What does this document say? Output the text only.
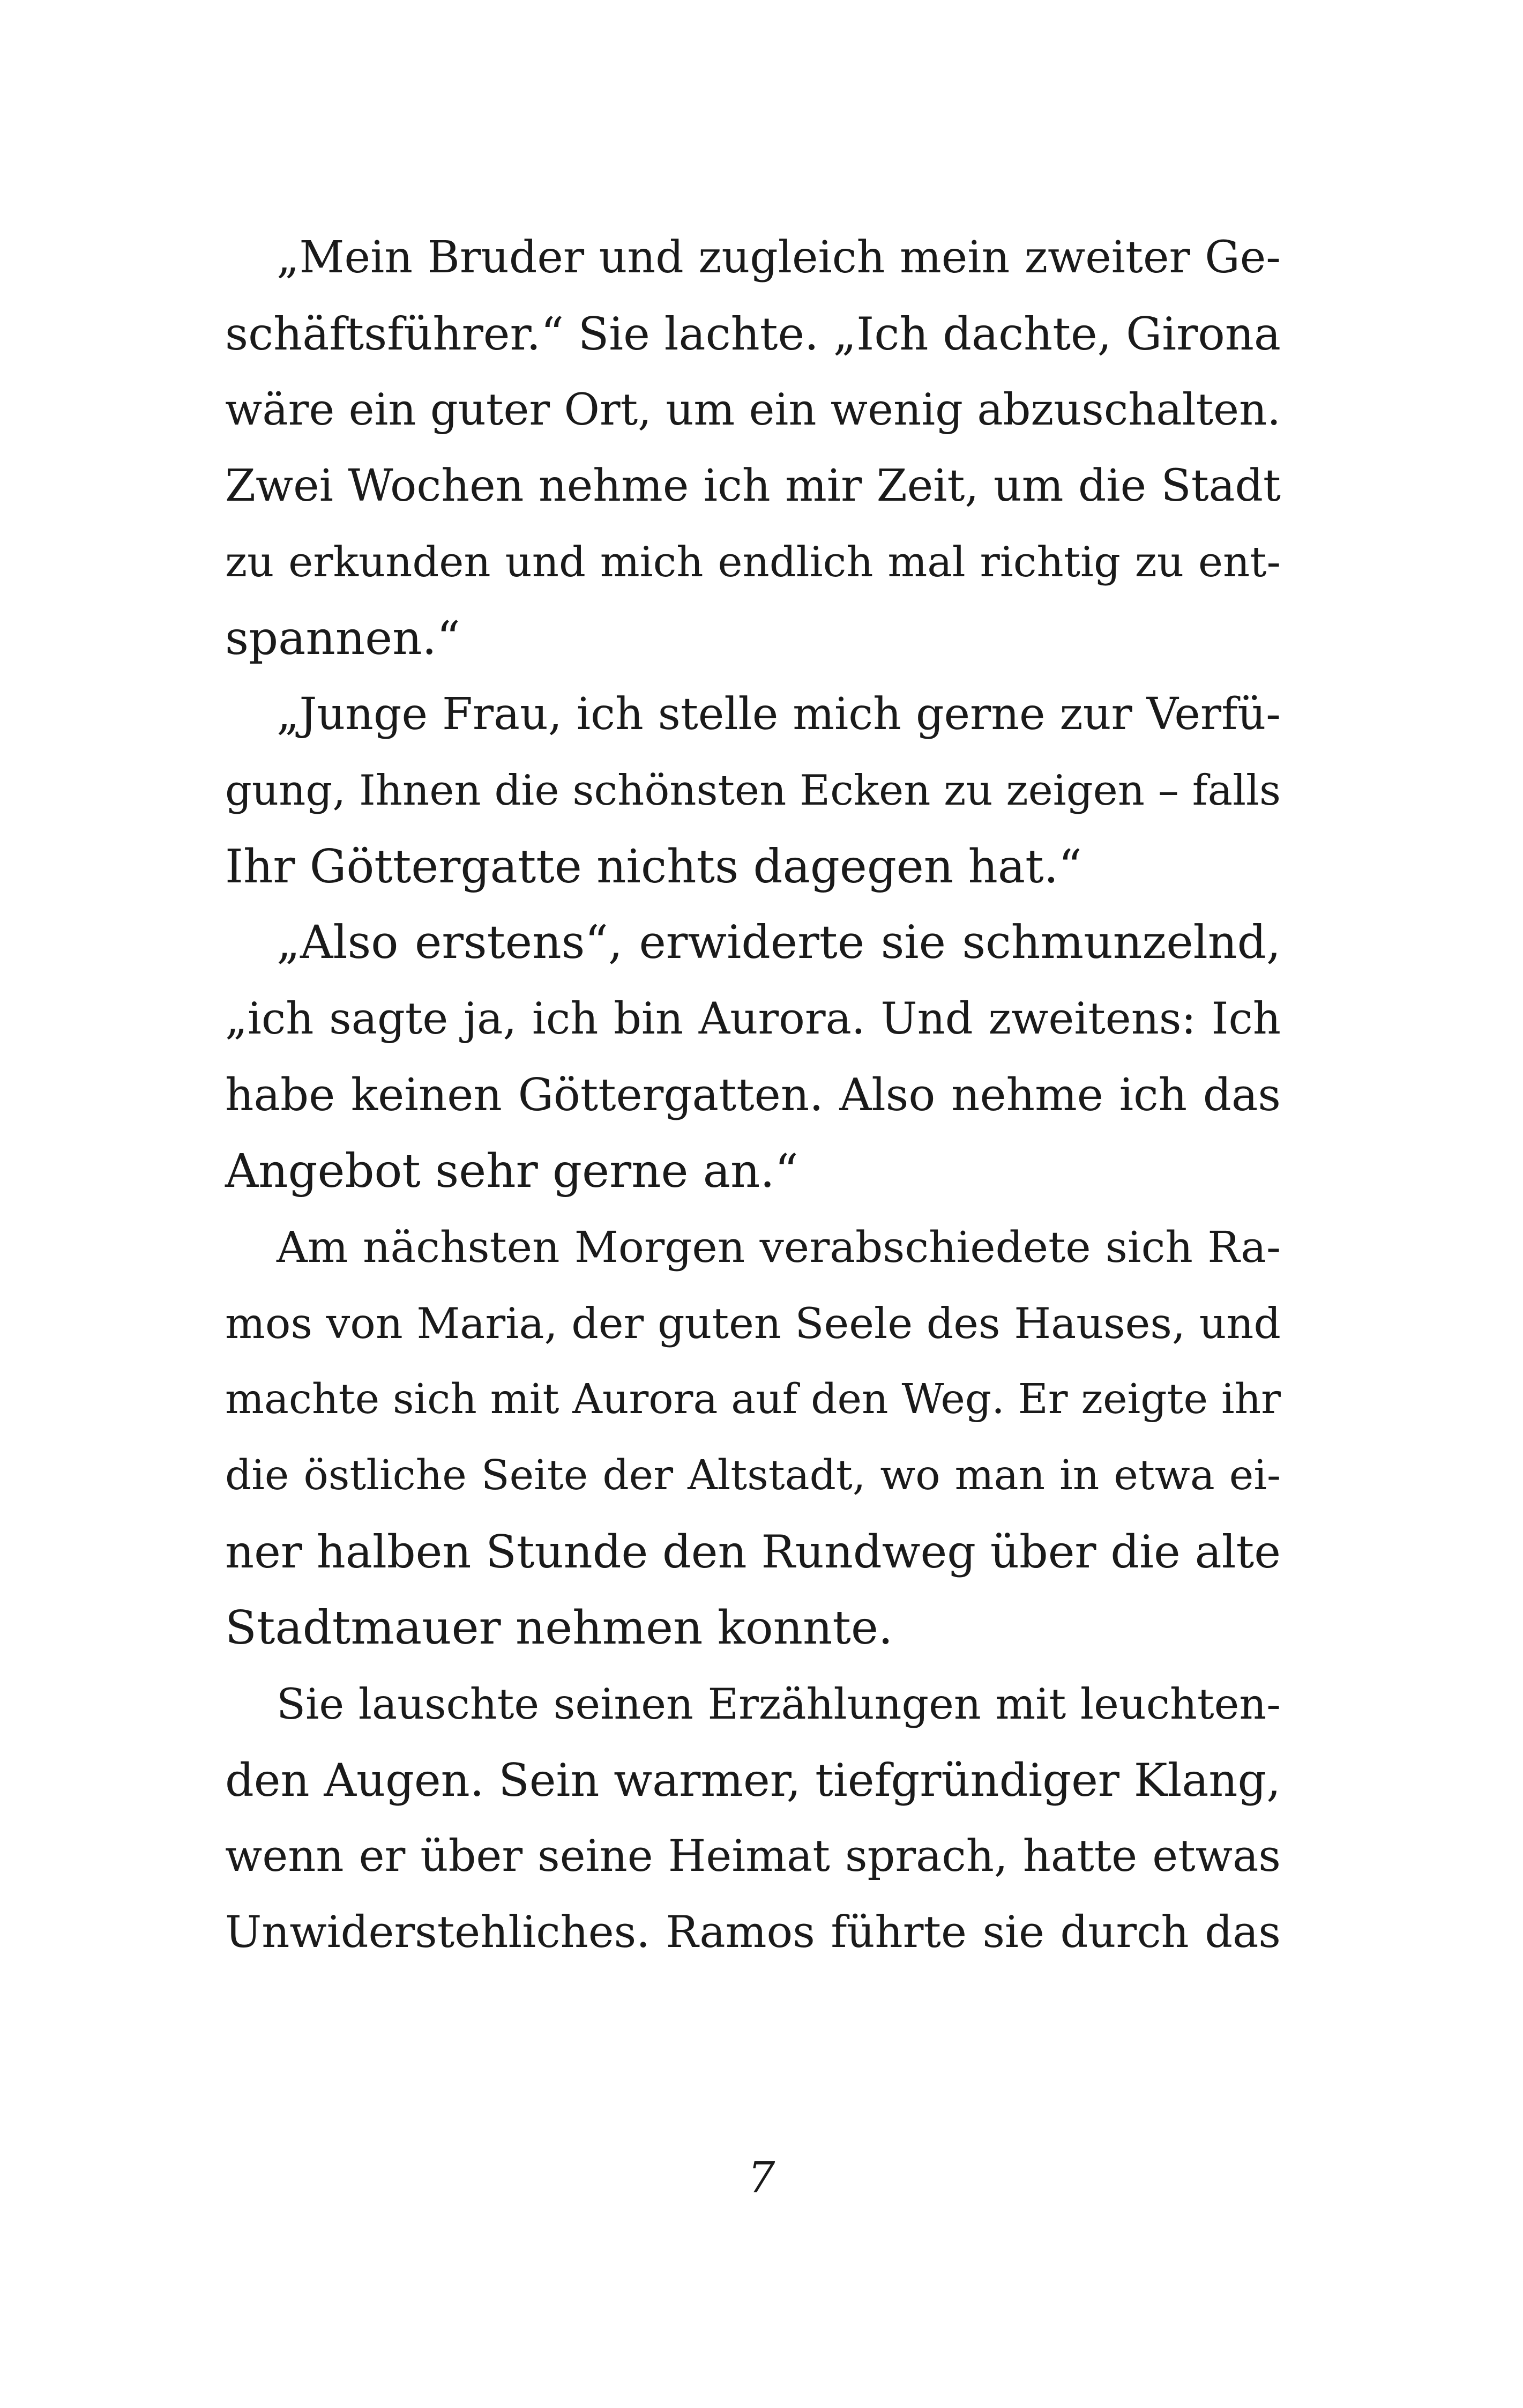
„Mein Bruder und zugleich mein zweiter Ge-
schäftsführer.“ Sie lachte. „Ich dachte, Girona
wäre ein guter Ort, um ein wenig abzuschalten.
Zwei Wochen nehme ich mir Zeit, um die Stadt
zu erkunden und mich endlich mal richtig zu ent-
spannen.“
„Junge Frau, ich stelle mich gerne zur Verfü-
gung, Ihnen die schönsten Ecken zu zeigen – falls
Ihr Göttergatte nichts dagegen hat.“
„Also erstens“, erwiderte sie schmunzelnd,
„ich sagte ja, ich bin Aurora. Und zweitens: Ich
habe keinen Göttergatten. Also nehme ich das
Angebot sehr gerne an.“
Am nächsten Morgen verabschiedete sich Ra-
mos von Maria, der guten Seele des Hauses, und
machte sich mit Aurora auf den Weg. Er zeigte ihr
die östliche Seite der Altstadt, wo man in etwa ei-
ner halben Stunde den Rundweg über die alte
Stadtmauer nehmen konnte.
Sie lauschte seinen Erzählungen mit leuchten-
den Augen. Sein warmer, tiefgründiger Klang,
wenn er über seine Heimat sprach, hatte etwas
Unwiderstehliches. Ramos führte sie durch das
7
